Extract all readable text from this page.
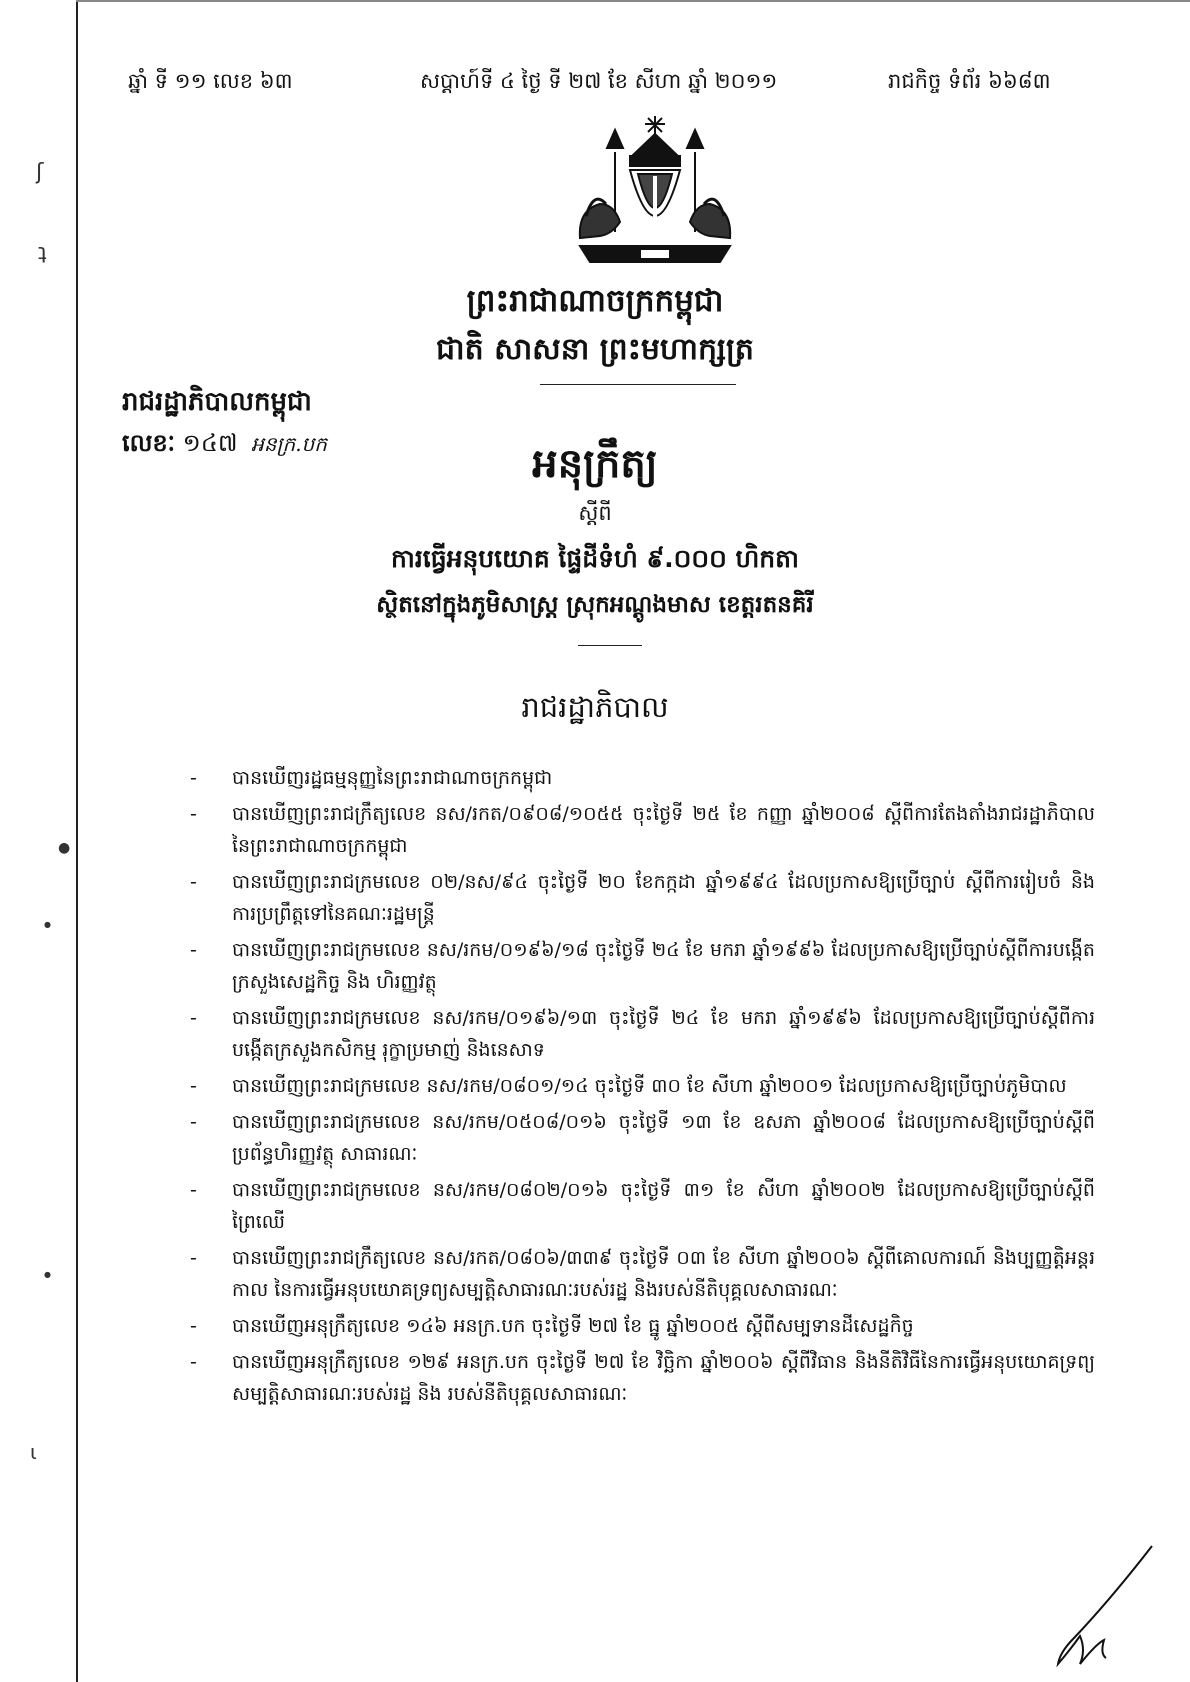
ʃ
ʇ
●
●
●
ɩ
ឆ្នាំ ទី ១១ លេខ ៦៣	សប្តាហ៍ទី ៤ ថ្ងៃ ទី ២៧ ខែ សីហា ឆ្នាំ ២០១១	រាជកិច្ច ទំព័រ ៦៦៨៣
ព្រះរាជាណាចក្រកម្ពុជា
ជាតិ សាសនា ព្រះមហាក្សត្រ
រាជរដ្ឋាភិបាលកម្ពុជា
លេខៈ ១៤៧ អនក្រ.បក	អនុក្រឹត្យ
ស្តីពី
ការធ្វើអនុបយោគ ផ្ទៃដីទំហំ ៩.០០០ ហិកតា
ស្ថិតនៅក្នុងភូមិសាស្ត្រ ស្រុកអណ្តូងមាស ខេត្តរតនគិរី
រាជរដ្ឋាភិបាល
- បានឃើញរដ្ឋធម្មនុញ្ញនៃព្រះរាជាណាចក្រកម្ពុជា
- បានឃើញព្រះរាជក្រឹត្យលេខ នស/រកត/០៩០៨/១០៥៥ ចុះថ្ងៃទី ២៥ ខែ កញ្ញា ឆ្នាំ២០០៨ ស្តីពីការតែងតាំងរាជរដ្ឋាភិបាល នៃព្រះរាជាណាចក្រកម្ពុជា
- បានឃើញព្រះរាជក្រមលេខ ០២/នស/៩៤ ចុះថ្ងៃទី ២០ ខែកក្កដា ឆ្នាំ១៩៩៤ ដែលប្រកាសឱ្យប្រើច្បាប់ ស្តីពីការរៀបចំ និង ការប្រព្រឹត្តទៅនៃគណៈរដ្ឋមន្ត្រី
- បានឃើញព្រះរាជក្រមលេខ នស/រកម/០១៩៦/១៨ ចុះថ្ងៃទី ២៤ ខែ មករា ឆ្នាំ១៩៩៦ ដែលប្រកាសឱ្យប្រើច្បាប់ស្តីពីការបង្កើតក្រសួងសេដ្ឋកិច្ច និង ហិរញ្ញវត្ថុ
- បានឃើញព្រះរាជក្រមលេខ នស/រកម/០១៩៦/១៣ ចុះថ្ងៃទី ២៤ ខែ មករា ឆ្នាំ១៩៩៦ ដែលប្រកាសឱ្យប្រើច្បាប់ស្តីពីការបង្កើតក្រសួងកសិកម្ម រុក្ខាប្រមាញ់ និងនេសាទ
- បានឃើញព្រះរាជក្រមលេខ នស/រកម/០៨០១/១៤ ចុះថ្ងៃទី ៣០ ខែ សីហា ឆ្នាំ២០០១ ដែលប្រកាសឱ្យប្រើច្បាប់ភូមិបាល
- បានឃើញព្រះរាជក្រមលេខ នស/រកម/០៥០៨/០១៦ ចុះថ្ងៃទី ១៣ ខែ ឧសភា ឆ្នាំ២០០៨ ដែលប្រកាសឱ្យប្រើច្បាប់ស្តីពីប្រព័ន្ធហិរញ្ញវត្ថុ សាធារណៈ
- បានឃើញព្រះរាជក្រមលេខ នស/រកម/០៨០២/០១៦ ចុះថ្ងៃទី ៣១ ខែ សីហា ឆ្នាំ២០០២ ដែលប្រកាសឱ្យប្រើច្បាប់ស្តីពីព្រៃឈើ
- បានឃើញព្រះរាជក្រឹត្យលេខ នស/រកត/០៨០៦/៣៣៩ ចុះថ្ងៃទី ០៣ ខែ សីហា ឆ្នាំ២០០៦ ស្តីពីគោលការណ៍ និងប្បញ្ញត្តិអន្តរកាល នៃការធ្វើអនុបយោគទ្រព្យសម្បត្តិសាធារណៈរបស់រដ្ឋ និងរបស់នីតិបុគ្គលសាធារណៈ
- បានឃើញអនុក្រឹត្យលេខ ១៤៦ អនក្រ.បក ចុះថ្ងៃទី ២៧ ខែ ធ្នូ ឆ្នាំ២០០៥ ស្តីពីសម្បទានដីសេដ្ឋកិច្ច
- បានឃើញអនុក្រឹត្យលេខ ១២៩ អនក្រ.បក ចុះថ្ងៃទី ២៧ ខែ វិច្ឆិកា ឆ្នាំ២០០៦ ស្តីពីវិធាន និងនីតិវិធីនៃការធ្វើអនុបយោគទ្រព្យសម្បត្តិសាធារណៈរបស់រដ្ឋ និង របស់នីតិបុគ្គលសាធារណៈ
